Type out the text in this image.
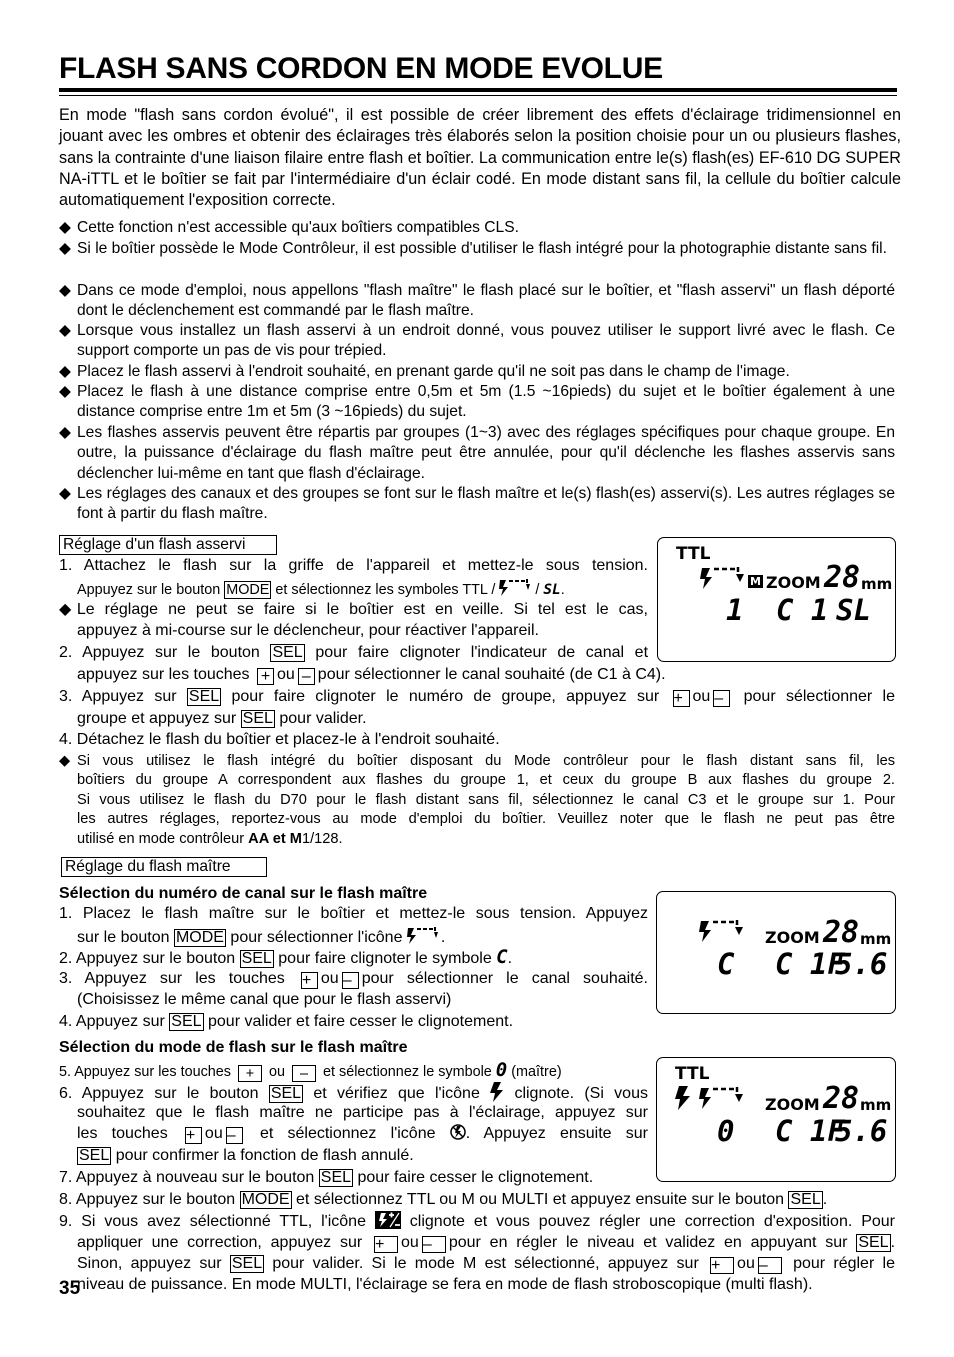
FLASH SANS CORDON EN MODE EVOLUE

En mode "flash sans cordon évolué", il est possible de créer librement des effets d'éclairage tridimensionnel en jouant avec les ombres et obtenir des éclairages très élaborés selon la position choisie pour un ou plusieurs flashes, sans la contrainte d'une liaison filaire entre flash et boîtier. La communication entre le(s) flash(es) EF-610 DG SUPER NA-iTTL et le boîtier se fait par l'intermédiaire d'un éclair codé. En mode distant sans fil, la cellule du boîtier calcule automatiquement l'exposition correcte.

◆ Cette fonction n'est accessible qu'aux boîtiers compatibles CLS.
◆ Si le boîtier possède le Mode Contrôleur, il est possible d'utiliser le flash intégré pour la photographie distante sans fil.
◆ Dans ce mode d'emploi, nous appellons "flash maître" le flash placé sur le boîtier, et "flash asservi" un flash déporté dont le déclenchement est commandé par le flash maître.
◆ Lorsque vous installez un flash asservi à un endroit donné, vous pouvez utiliser le support livré avec le flash. Ce support comporte un pas de vis pour trépied.
◆ Placez le flash asservi à l'endroit souhaité, en prenant garde qu'il ne soit pas dans le champ de l'image.
◆ Placez le flash à une distance comprise entre 0,5m et 5m (1.5 ~16pieds) du sujet et le boîtier également à une distance comprise entre 1m et 5m (3 ~16pieds) du sujet.
◆ Les flashes asservis peuvent être répartis par groupes (1~3) avec des réglages spécifiques pour chaque groupe. En outre, la puissance d'éclairage du flash maître peut être annulée, pour qu'il déclenche les flashes asservis sans déclencher lui-même en tant que flash d'éclairage.
◆ Les réglages des canaux et des groupes se font sur le flash maître et le(s) flash(es) asservi(s). Les autres réglages se font à partir du flash maître.
Réglage d'un flash asservi
1. Attachez le flash sur la griffe de l'appareil et mettez-le sous tension.
Appuyez sur le bouton MODE et sélectionnez les symboles TTL /	/ SL.
◆Le réglage ne peut se faire si le boîtier est en veille. Si tel est le cas,
appuyez à mi-course sur le déclencheur, pour réactiver l'appareil.
2. Appuyez sur le bouton SEL pour faire clignoter l'indicateur de canal et
appuyez sur les touches + ou – pour sélectionner le canal souhaité (de C1 à C4).
3. Appuyez sur SEL pour faire clignoter le numéro de groupe, appuyez sur + ou – pour sélectionner le
groupe et appuyez sur SEL pour valider.
4. Détachez le flash du boîtier et placez-le à l'endroit souhaité.
◆ Si vous utilisez le flash intégré du boîtier disposant du Mode contrôleur pour le flash distant sans fil, les
boîtiers du groupe A correspondent aux flashes du groupe 1, et ceux du groupe B aux flashes du groupe 2.
Si vous utilisez le flash du D70 pour le flash distant sans fil, sélectionnez le canal C3 et le groupe sur 1. Pour
les autres réglages, reportez-vous au mode d'emploi du boîtier. Veuillez noter que le flash ne peut pas être
utilisé en mode contrôleur AA et M1/128.
TTL
M ZOOM 28 mm
1 C 1 SL
Réglage du flash maître
Sélection du numéro de canal sur le flash maître
1. Placez le flash maître sur le boîtier et mettez-le sous tension. Appuyez
sur le bouton MODE pour sélectionner l'icône .
2. Appuyez sur le bouton SEL pour faire clignoter le symbole C.
3. Appuyez sur les touches + ou – pour sélectionner le canal souhaité.
(Choisissez le même canal que pour le flash asservi)
4. Appuyez sur SEL pour valider et faire cesser le clignotement.
Sélection du mode de flash sur le flash maître
5. Appuyez sur les touches + ou – et sélectionnez le symbole 0 (maître)
6. Appuyez sur le bouton SEL et vérifiez que l'icône clignote. (Si vous
souhaitez que le flash maître ne participe pas à l'éclairage, appuyez sur
les touches + ou – et sélectionnez l'icône . Appuyez ensuite sur
SEL pour confirmer la fonction de flash annulé.
7. Appuyez à nouveau sur le bouton SEL pour faire cesser le clignotement.
8. Appuyez sur le bouton MODE et sélectionnez TTL ou M ou MULTI et appuyez ensuite sur le bouton SEL .
9. Si vous avez sélectionné TTL, l'icône	clignote et vous pouvez régler une correction d'exposition. Pour
appliquer une correction, appuyez sur + ou – pour en régler le niveau et validez en appuyant sur SEL .
Sinon, appuyez sur SEL pour valider. Si le mode M est sélectionné, appuyez sur + ou – pour régler le
niveau de puissance. En mode MULTI, l'éclairage se fera en mode de flash stroboscopique (multi flash).
ZOOM 28 mm
C C 1F
5.6
TTL
ZOOM 28 mm
0 C 1F
5.6
35
